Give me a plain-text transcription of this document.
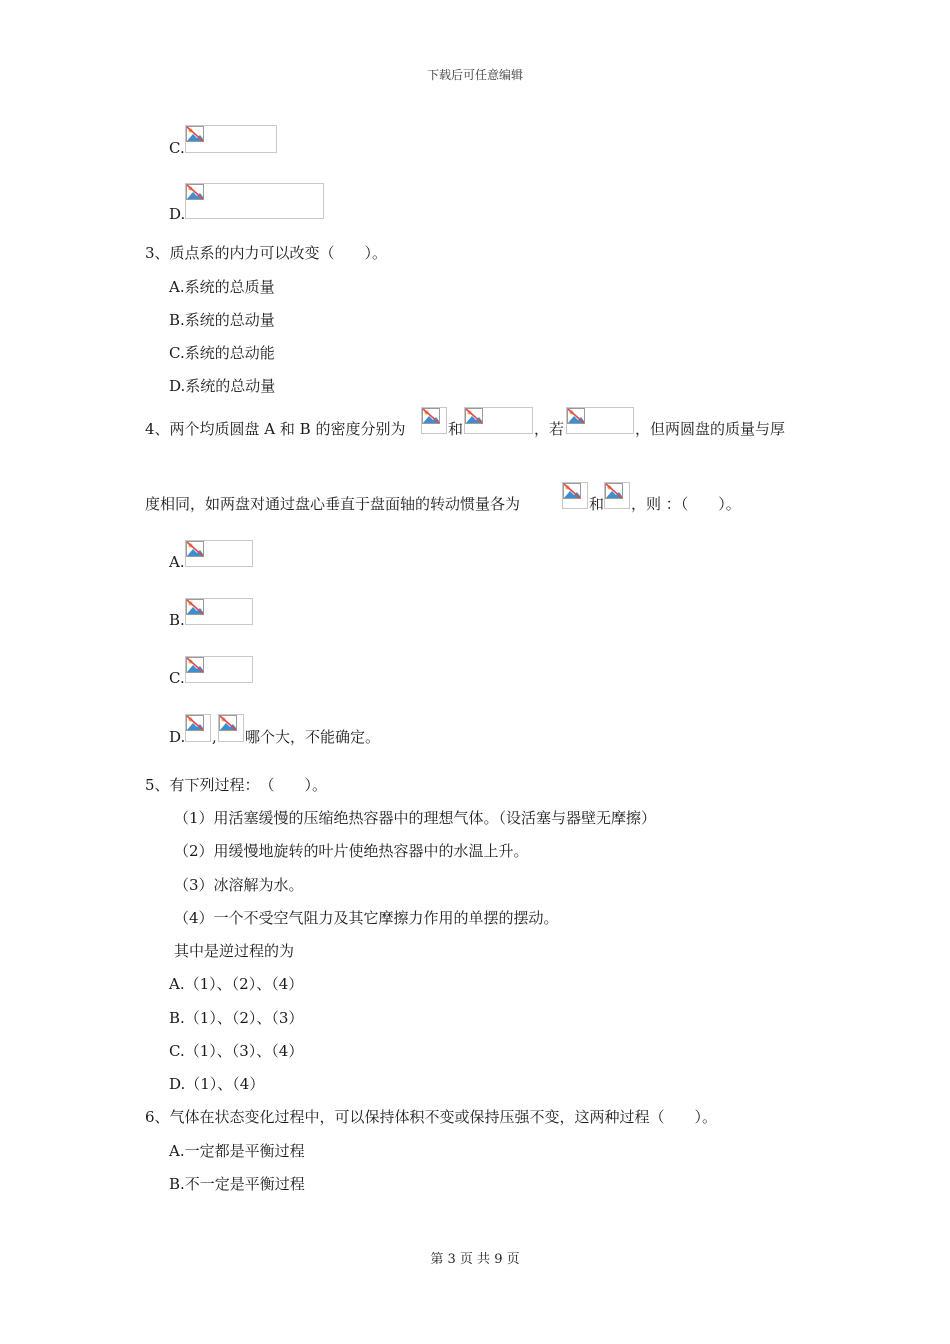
下载后可任意编辑
C.
D.
3、质点系的内力可以改变（　　）。
A.系统的总质量
B.系统的总动量
C.系统的总动能
D.系统的总动量
4、两个均质圆盘 A 和 B 的密度分别为	和	，若	，但两圆盘的质量与厚
度相同，如两盘对通过盘心垂直于盘面轴的转动惯量各为	和 ，则 ：（　　）。
A.
B.
C.
D. , 哪个大，不能确定。
5、有下列过程：　（　　）。
（1）用活塞缓慢的压缩绝热容器中的理想气体。（设活塞与器壁无摩擦）
（2）用缓慢地旋转的叶片使绝热容器中的水温上升。
（3）冰溶解为水。
（4）一个不受空气阻力及其它摩擦力作用的单摆的摆动。
其中是逆过程的为
A.（1）、（2）、（4）
B.（1）、（2）、（3）
C.（1）、（3）、（4）
D.（1）、（4）
6、气体在状态变化过程中，可以保持体积不变或保持压强不变，这两种过程（　　）。
A.一定都是平衡过程
B.不一定是平衡过程
第 3 页 共 9 页
